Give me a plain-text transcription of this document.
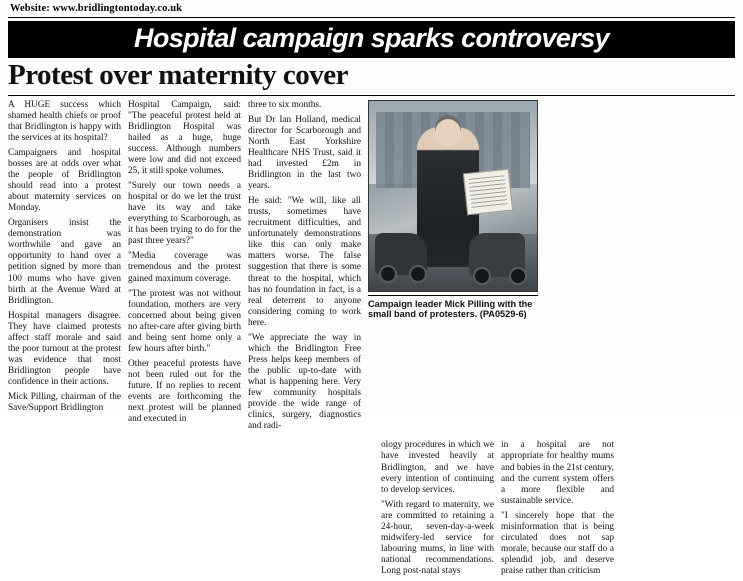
Website: www.bridlingtontoday.co.uk
Hospital campaign sparks controversy
Protest over maternity cover

A HUGE success which shamed health chiefs or proof that Bridlington is happy with the services at its hospital?

Campaigners and hospital bosses are at odds over what the people of Bridlington should read into a protest about maternity services on Monday.

Organisers insist the demonstration was worthwhile and gave an opportunity to hand over a petition signed by more than 100 mums who have given birth at the Avenue Ward at Bridlington.

Hospital managers disagree. They have claimed protests affect staff morale and said the poor turnout at the protest was evidence that most Bridlington people have confidence in their actions.

Mick Pilling, chairman of the Save/Support Bridlington

Hospital Campaign, said: "The peaceful protest held at Bridlington Hospital was hailed as a huge, huge success. Although numbers were low and did not exceed 25, it still spoke volumes.

"Surely our town needs a hospital or do we let the trust have its way and take everything to Scarborough, as it has been trying to do for the past three years?"

"Media coverage was tremendous and the protest gained maximum coverage.

"The protest was not without foundation, mothers are very concerned about being given no after-care after giving birth and being sent home only a few hours after birth."

Other peaceful protests have not been ruled out for the future. If no replies to recent events are forthcoming the next protest will be planned and executed in

three to six months.

But Dr Ian Holland, medical director for Scarborough and North East Yorkshire Healthcare NHS Trust, said it had invested £2m in Bridlington in the last two years.

He said: "We will, like all trusts, sometimes have recruitment difficulties, and unfortunately demonstrations like this can only make matters worse. The false suggestion that there is some threat to the hospital, which has no foundation in fact, is a real deterrent to anyone considering coming to work here.

"We appreciate the way in which the Bridlington Free Press helps keep members of the public up-to-date with what is happening here. Very few community hospitals provide the wide range of clinics, surgery, diagnostics and radi-

Campaign leader Mick Pilling with the small band of protesters. (PA0529-6)

ology procedures in which we have invested heavily at Bridlington, and we have every intention of continuing to develop services.

"With regard to maternity, we are committed to retaining a 24-hour, seven-day-a-week midwifery-led service for labouring mums, in line with national recommendations. Long post-natal stays

in a hospital are not appropriate for healthy mums and babies in the 21st century, and the current system offers a more flexible and sustainable service.

"I sincerely hope that the misinformation that is being circulated does not sap morale, because our staff do a splendid job, and deserve praise rather than criticism
